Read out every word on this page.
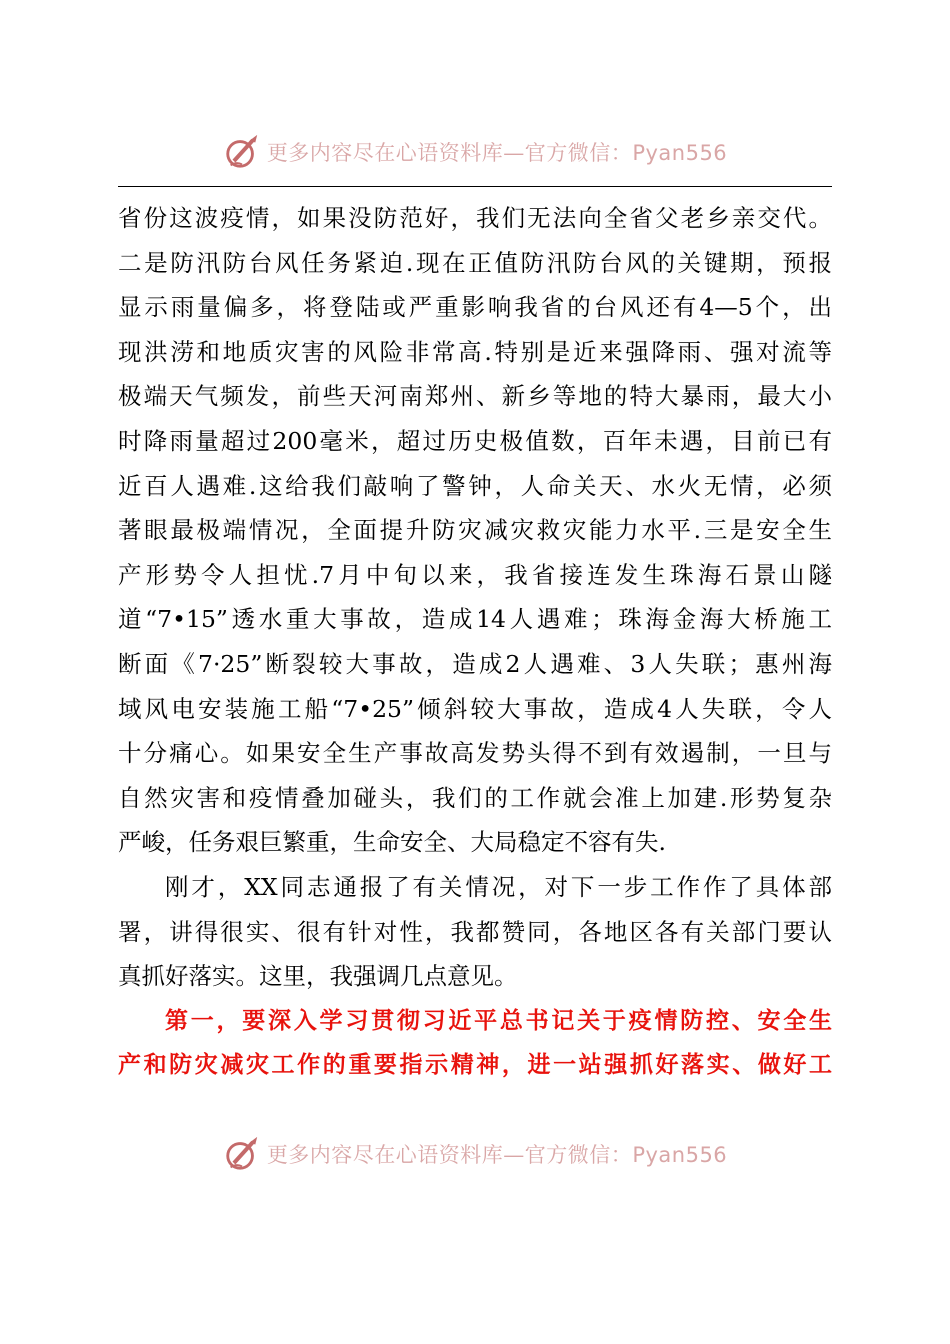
更多内容尽在心语资料库—官方微信：Pyan556
省份这波疫情，如果没防范好，我们无法向全省父老乡亲交代。
二是防汛防台风任务紧迫.现在正值防汛防台风的关键期，预报
显示雨量偏多，将登陆或严重影响我省的台风还有4—5个，出
现洪涝和地质灾害的风险非常高.特别是近来强降雨、强对流等
极端天气频发，前些天河南郑州、新乡等地的特大暴雨，最大小
时降雨量超过200毫米，超过历史极值数，百年未遇，目前已有
近百人遇难.这给我们敲响了警钟，人命关天、水火无情，必须
著眼最极端情况，全面提升防灾减灾救灾能力水平.三是安全生
产形势令人担忧.7月中旬以来，我省接连发生珠海石景山隧
道“7•15”透水重大事故，造成14人遇难；珠海金海大桥施工
断面《7·25”断裂较大事故，造成2人遇难、3人失联；惠州海
域风电安装施工船“7•25”倾斜较大事故，造成4人失联，令人
十分痛心。如果安全生产事故高发势头得不到有效遏制，一旦与
自然灾害和疫情叠加碰头，我们的工作就会准上加建.形势复杂
严峻，任务艰巨繁重，生命安全、大局稳定不容有失.
刚才，XX同志通报了有关情况，对下一步工作作了具体部
署，讲得很实、很有针对性，我都赞同，各地区各有关部门要认
真抓好落实。这里，我强调几点意见。
第一，要深入学习贯彻习近平总书记关于疫情防控、安全生
产和防灾减灾工作的重要指示精神，进一站强抓好落实、做好工
更多内容尽在心语资料库—官方微信：Pyan556
